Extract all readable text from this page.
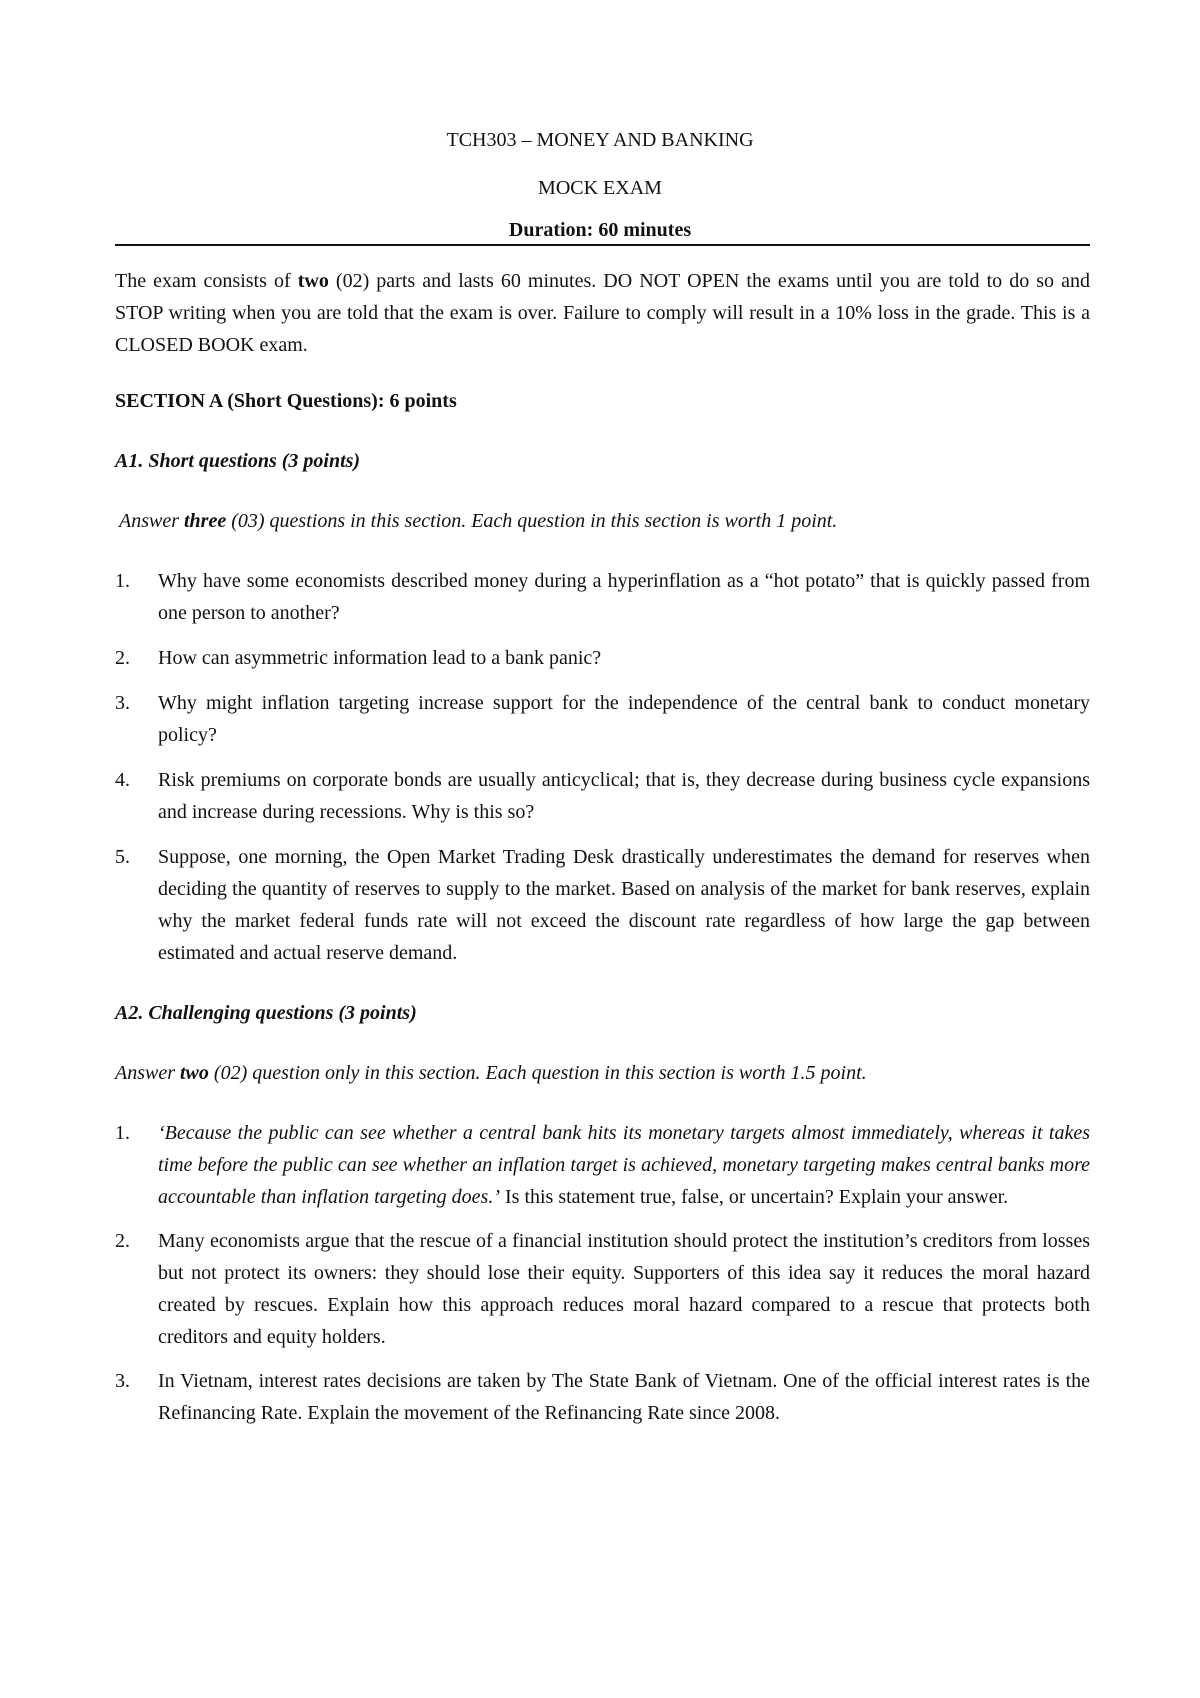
TCH303 – MONEY AND BANKING
MOCK EXAM
Duration: 60 minutes

The exam consists of two (02) parts and lasts 60 minutes. DO NOT OPEN the exams until you are told to do so and STOP writing when you are told that the exam is over. Failure to comply will result in a 10% loss in the grade. This is a CLOSED BOOK exam.

SECTION A (Short Questions): 6 points

A1. Short questions (3 points)

Answer three (03) questions in this section. Each question in this section is worth 1 point.

1. Why have some economists described money during a hyperinflation as a “hot potato” that is quickly passed from one person to another?
2. How can asymmetric information lead to a bank panic?
3. Why might inflation targeting increase support for the independence of the central bank to conduct monetary policy?
4. Risk premiums on corporate bonds are usually anticyclical; that is, they decrease during business cycle expansions and increase during recessions. Why is this so?
5. Suppose, one morning, the Open Market Trading Desk drastically underestimates the demand for reserves when deciding the quantity of reserves to supply to the market. Based on analysis of the market for bank reserves, explain why the market federal funds rate will not exceed the discount rate regardless of how large the gap between estimated and actual reserve demand.

A2. Challenging questions (3 points)

Answer two (02) question only in this section. Each question in this section is worth 1.5 point.

1. ‘Because the public can see whether a central bank hits its monetary targets almost immediately, whereas it takes time before the public can see whether an inflation target is achieved, monetary targeting makes central banks more accountable than inflation targeting does.’ Is this statement true, false, or uncertain? Explain your answer.
2. Many economists argue that the rescue of a financial institution should protect the institution’s creditors from losses but not protect its owners: they should lose their equity. Supporters of this idea say it reduces the moral hazard created by rescues. Explain how this approach reduces moral hazard compared to a rescue that protects both creditors and equity holders.
3. In Vietnam, interest rates decisions are taken by The State Bank of Vietnam. One of the official interest rates is the Refinancing Rate. Explain the movement of the Refinancing Rate since 2008.
